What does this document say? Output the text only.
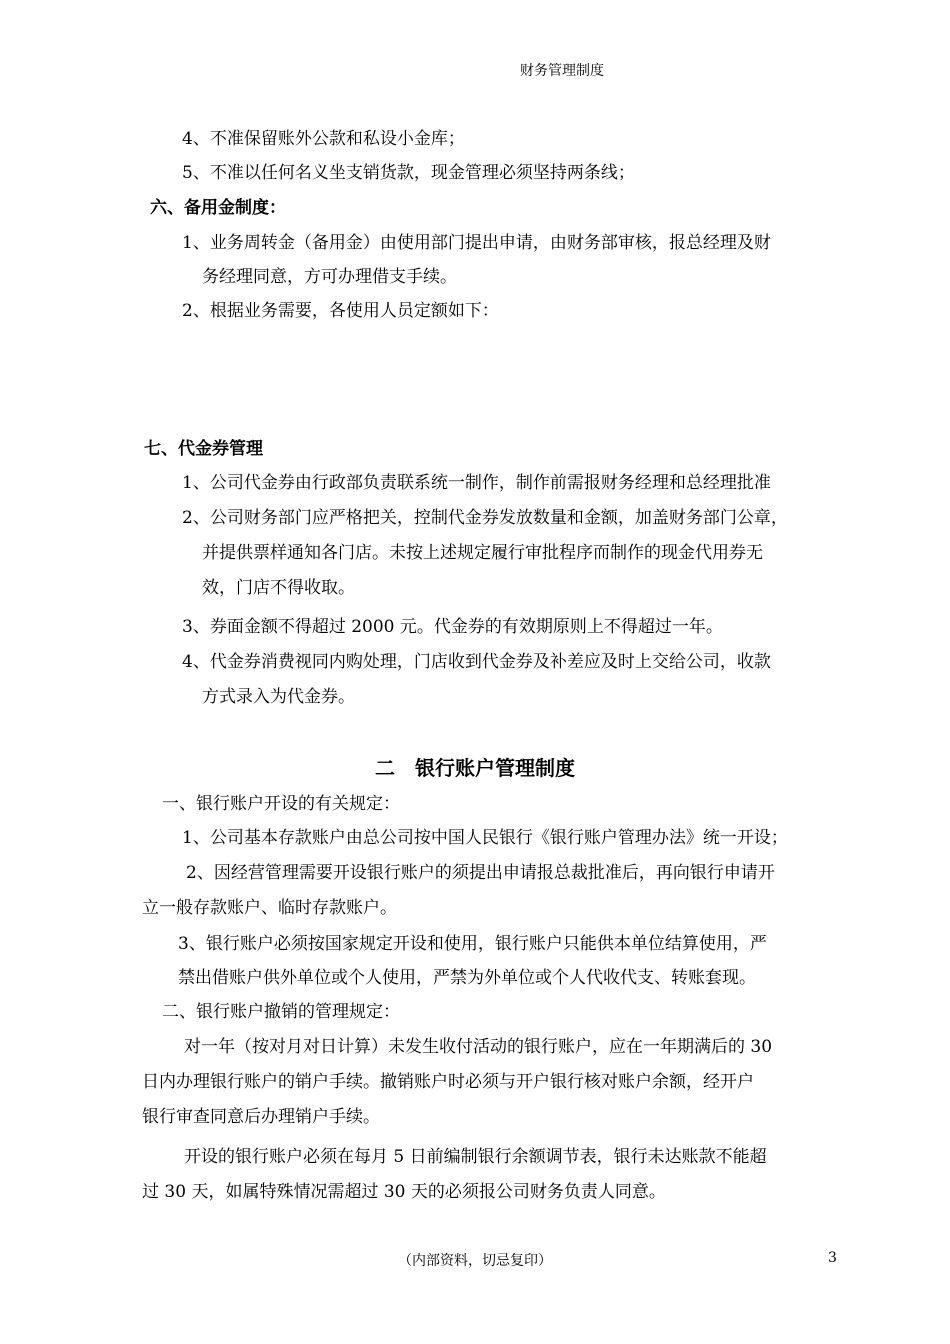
财务管理制度
4、不准保留账外公款和私设小金库；
5、不准以任何名义坐支销货款，现金管理必须坚持两条线；
六、备用金制度：
1、业务周转金（备用金）由使用部门提出申请，由财务部审核，报总经理及财
务经理同意，方可办理借支手续。
2、根据业务需要，各使用人员定额如下：
七、代金券管理
1、公司代金券由行政部负责联系统一制作，制作前需报财务经理和总经理批准
2、公司财务部门应严格把关，控制代金券发放数量和金额，加盖财务部门公章，
并提供票样通知各门店。未按上述规定履行审批程序而制作的现金代用券无
效，门店不得收取。
3、券面金额不得超过 2000 元。代金券的有效期原则上不得超过一年。
4、代金券消费视同内购处理，门店收到代金券及补差应及时上交给公司，收款
方式录入为代金券。
二　银行账户管理制度
一、银行账户开设的有关规定：
1、公司基本存款账户由总公司按中国人民银行《银行账户管理办法》统一开设；
2、因经营管理需要开设银行账户的须提出申请报总裁批准后，再向银行申请开
立一般存款账户、临时存款账户。
3、银行账户必须按国家规定开设和使用，银行账户只能供本单位结算使用，严
禁出借账户供外单位或个人使用，严禁为外单位或个人代收代支、转账套现。
二、银行账户撤销的管理规定：
对一年（按对月对日计算）未发生收付活动的银行账户，应在一年期满后的 30
日内办理银行账户的销户手续。撤销账户时必须与开户银行核对账户余额，经开户
银行审查同意后办理销户手续。
开设的银行账户必须在每月 5 日前编制银行余额调节表，银行未达账款不能超
过 30 天，如属特殊情况需超过 30 天的必须报公司财务负责人同意。
（内部资料，切忌复印）	3
